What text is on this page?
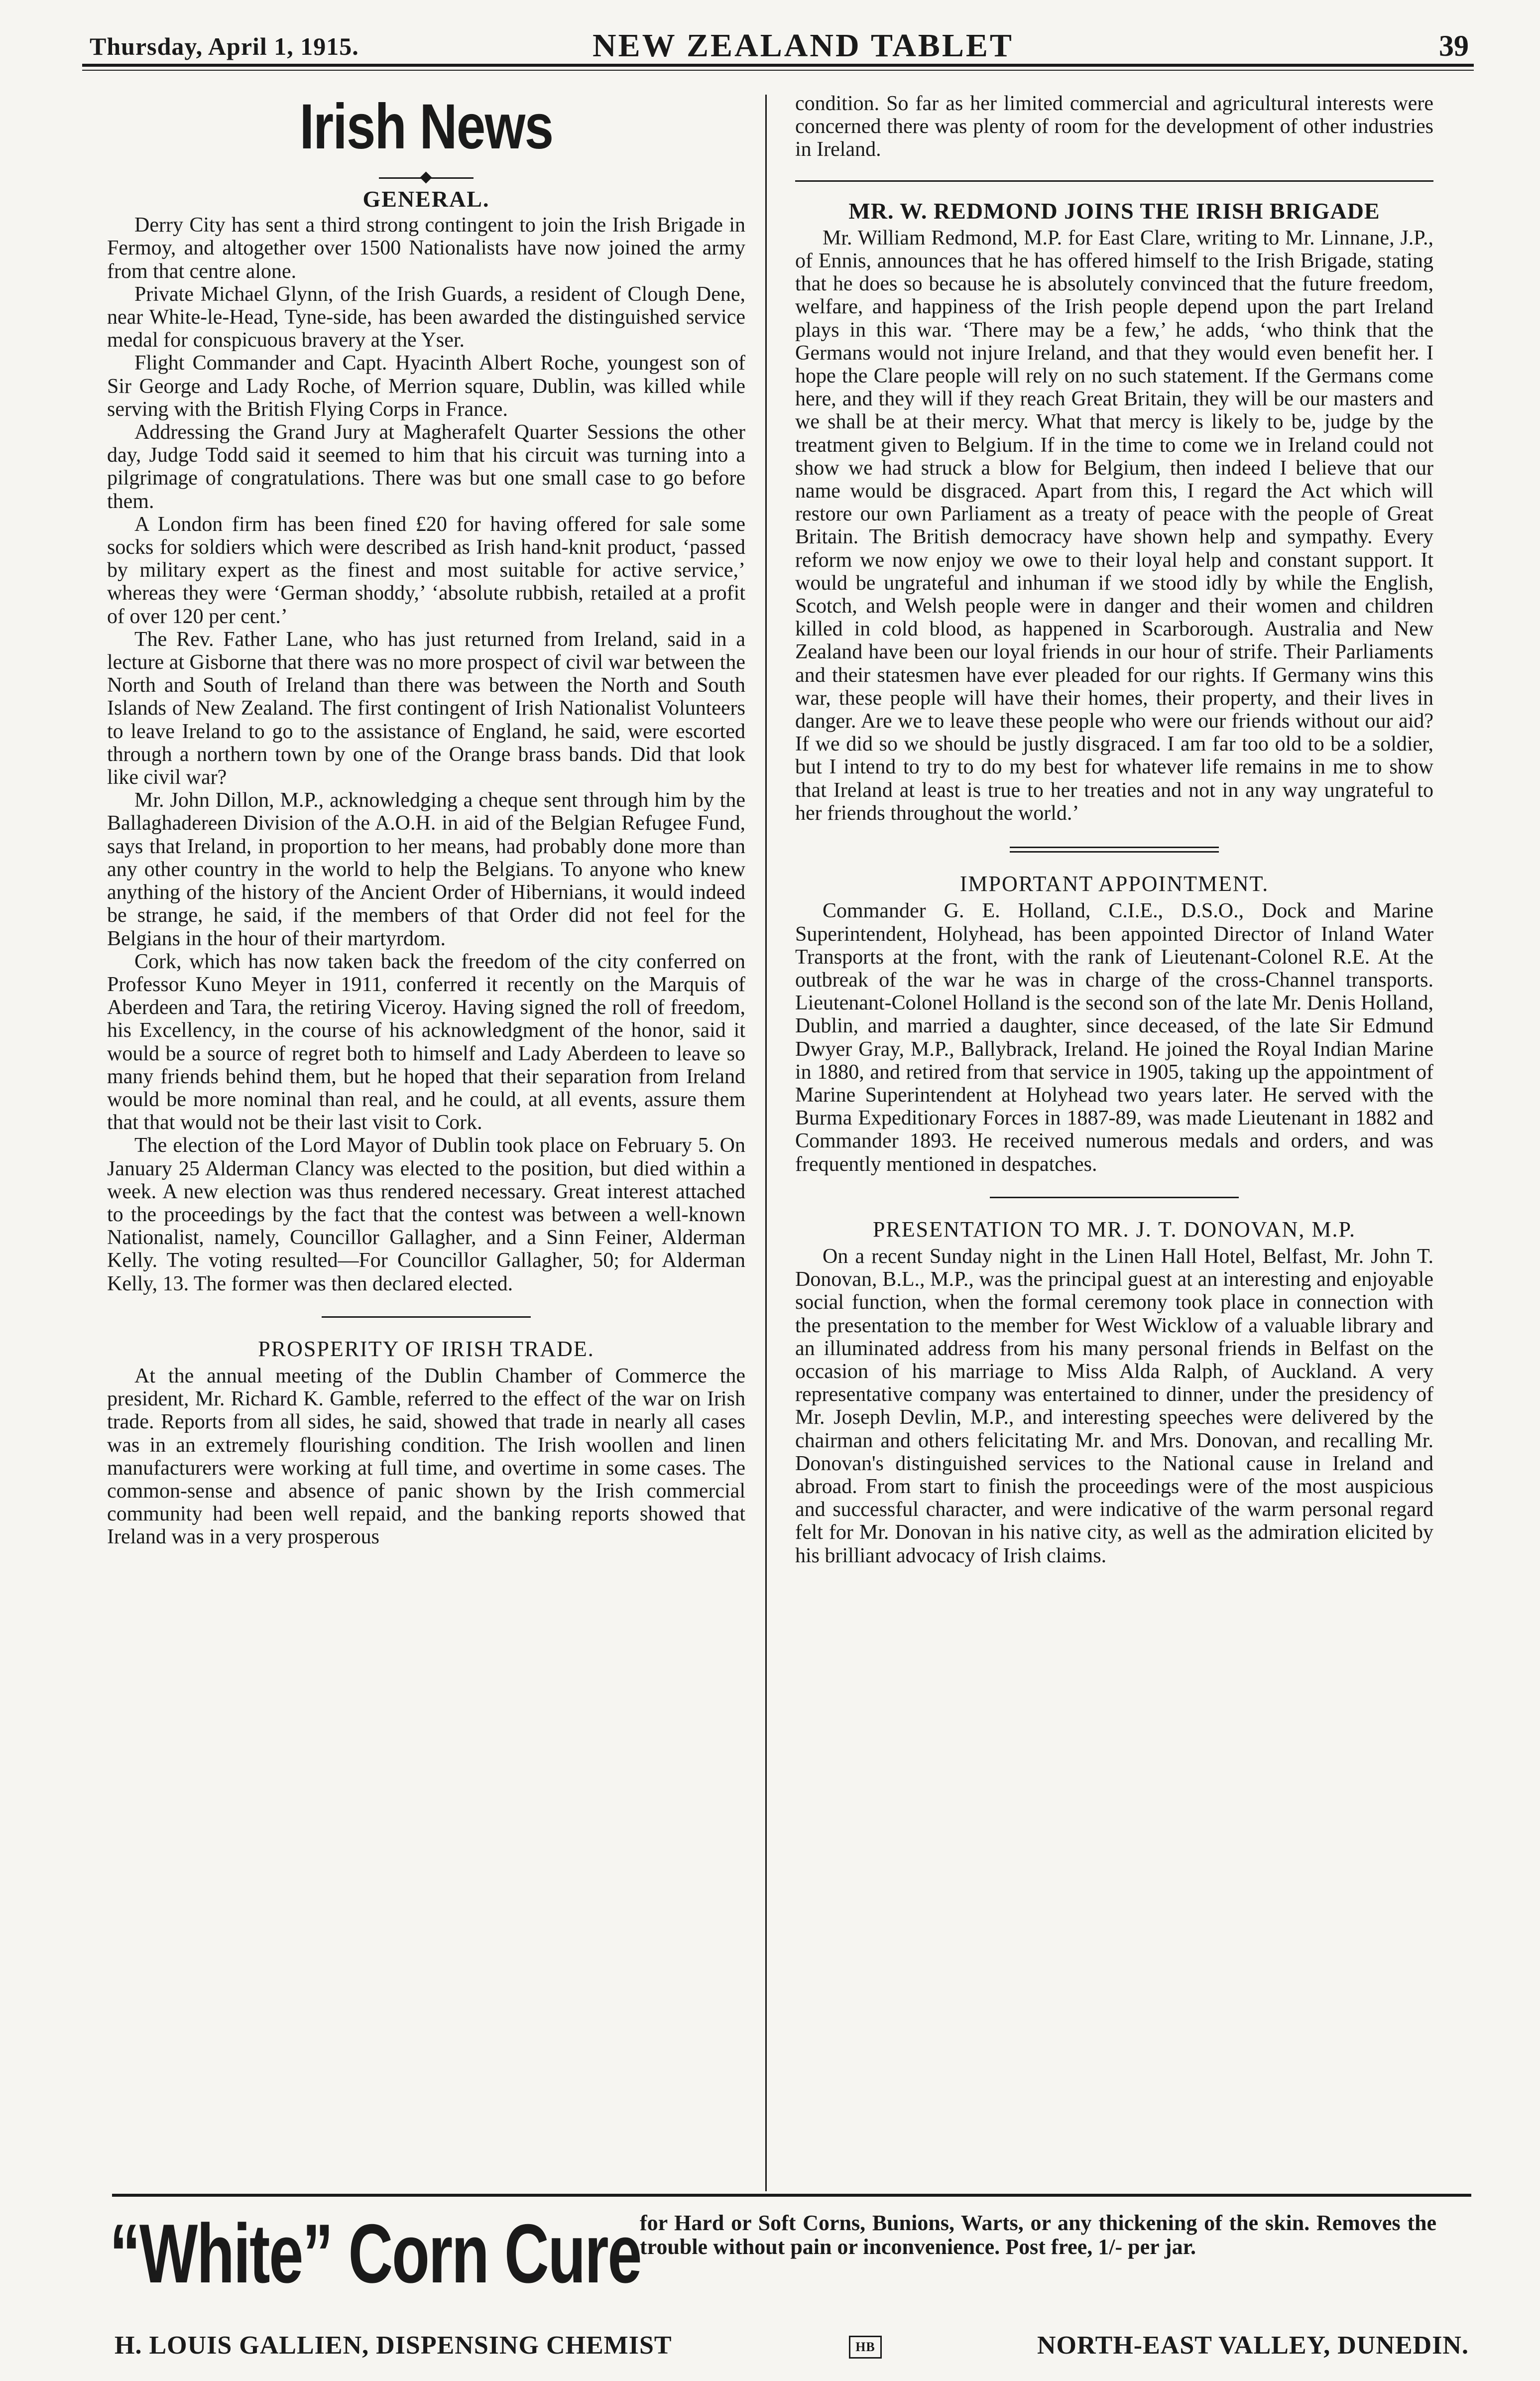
Thursday, April 1, 1915.	NEW ZEALAND TABLET	39
Irish News
GENERAL.

Derry City has sent a third strong contingent to join the Irish Brigade in Fermoy, and altogether over 1500 Nationalists have now joined the army from that centre alone.

Private Michael Glynn, of the Irish Guards, a resident of Clough Dene, near White-le-Head, Tyne-side, has been awarded the distinguished service medal for conspicuous bravery at the Yser.

Flight Commander and Capt. Hyacinth Albert Roche, youngest son of Sir George and Lady Roche, of Merrion square, Dublin, was killed while serving with the British Flying Corps in France.

Addressing the Grand Jury at Magherafelt Quarter Sessions the other day, Judge Todd said it seemed to him that his circuit was turning into a pilgrimage of congratulations. There was but one small case to go before them.

A London firm has been fined £20 for having offered for sale some socks for soldiers which were described as Irish hand-knit product, ‘passed by military expert as the finest and most suitable for active service,’ whereas they were ‘German shoddy,’ ‘absolute rubbish, retailed at a profit of over 120 per cent.’

The Rev. Father Lane, who has just returned from Ireland, said in a lecture at Gisborne that there was no more prospect of civil war between the North and South of Ireland than there was between the North and South Islands of New Zealand. The first contingent of Irish Nationalist Volunteers to leave Ireland to go to the assistance of England, he said, were escorted through a northern town by one of the Orange brass bands. Did that look like civil war?

Mr. John Dillon, M.P., acknowledging a cheque sent through him by the Ballaghadereen Division of the A.O.H. in aid of the Belgian Refugee Fund, says that Ireland, in proportion to her means, had probably done more than any other country in the world to help the Belgians. To anyone who knew anything of the history of the Ancient Order of Hibernians, it would indeed be strange, he said, if the members of that Order did not feel for the Belgians in the hour of their martyrdom.

Cork, which has now taken back the freedom of the city conferred on Professor Kuno Meyer in 1911, conferred it recently on the Marquis of Aberdeen and Tara, the retiring Viceroy. Having signed the roll of freedom, his Excellency, in the course of his acknowledgment of the honor, said it would be a source of regret both to himself and Lady Aberdeen to leave so many friends behind them, but he hoped that their separation from Ireland would be more nominal than real, and he could, at all events, assure them that that would not be their last visit to Cork.

The election of the Lord Mayor of Dublin took place on February 5. On January 25 Alderman Clancy was elected to the position, but died within a week. A new election was thus rendered necessary. Great interest attached to the proceedings by the fact that the contest was between a well-known Nationalist, namely, Councillor Gallagher, and a Sinn Feiner, Alderman Kelly. The voting resulted—For Councillor Gallagher, 50; for Alderman Kelly, 13. The former was then declared elected.

PROSPERITY OF IRISH TRADE.

At the annual meeting of the Dublin Chamber of Commerce the president, Mr. Richard K. Gamble, referred to the effect of the war on Irish trade. Reports from all sides, he said, showed that trade in nearly all cases was in an extremely flourishing condition. The Irish woollen and linen manufacturers were working at full time, and overtime in some cases. The common-sense and absence of panic shown by the Irish commercial community had been well repaid, and the banking reports showed that Ireland was in a very prosperous

condition. So far as her limited commercial and agricultural interests were concerned there was plenty of room for the development of other industries in Ireland.

MR. W. REDMOND JOINS THE IRISH BRIGADE

Mr. William Redmond, M.P. for East Clare, writing to Mr. Linnane, J.P., of Ennis, announces that he has offered himself to the Irish Brigade, stating that he does so because he is absolutely convinced that the future freedom, welfare, and happiness of the Irish people depend upon the part Ireland plays in this war. ‘There may be a few,’ he adds, ‘who think that the Germans would not injure Ireland, and that they would even benefit her. I hope the Clare people will rely on no such statement. If the Germans come here, and they will if they reach Great Britain, they will be our masters and we shall be at their mercy. What that mercy is likely to be, judge by the treatment given to Belgium. If in the time to come we in Ireland could not show we had struck a blow for Belgium, then indeed I believe that our name would be disgraced. Apart from this, I regard the Act which will restore our own Parliament as a treaty of peace with the people of Great Britain. The British democracy have shown help and sympathy. Every reform we now enjoy we owe to their loyal help and constant support. It would be ungrateful and inhuman if we stood idly by while the English, Scotch, and Welsh people were in danger and their women and children killed in cold blood, as happened in Scarborough. Australia and New Zealand have been our loyal friends in our hour of strife. Their Parliaments and their statesmen have ever pleaded for our rights. If Germany wins this war, these people will have their homes, their property, and their lives in danger. Are we to leave these people who were our friends without our aid? If we did so we should be justly disgraced. I am far too old to be a soldier, but I intend to try to do my best for whatever life remains in me to show that Ireland at least is true to her treaties and not in any way ungrateful to her friends throughout the world.’

IMPORTANT APPOINTMENT.

Commander G. E. Holland, C.I.E., D.S.O., Dock and Marine Superintendent, Holyhead, has been appointed Director of Inland Water Transports at the front, with the rank of Lieutenant-Colonel R.E. At the outbreak of the war he was in charge of the cross-Channel transports. Lieutenant-Colonel Holland is the second son of the late Mr. Denis Holland, Dublin, and married a daughter, since deceased, of the late Sir Edmund Dwyer Gray, M.P., Ballybrack, Ireland. He joined the Royal Indian Marine in 1880, and retired from that service in 1905, taking up the appointment of Marine Superintendent at Holyhead two years later. He served with the Burma Expeditionary Forces in 1887-89, was made Lieutenant in 1882 and Commander 1893. He received numerous medals and orders, and was frequently mentioned in despatches.

PRESENTATION TO MR. J. T. DONOVAN, M.P.

On a recent Sunday night in the Linen Hall Hotel, Belfast, Mr. John T. Donovan, B.L., M.P., was the principal guest at an interesting and enjoyable social function, when the formal ceremony took place in connection with the presentation to the member for West Wicklow of a valuable library and an illuminated address from his many personal friends in Belfast on the occasion of his marriage to Miss Alda Ralph, of Auckland. A very representative company was entertained to dinner, under the presidency of Mr. Joseph Devlin, M.P., and interesting speeches were delivered by the chairman and others felicitating Mr. and Mrs. Donovan, and recalling Mr. Donovan's distinguished services to the National cause in Ireland and abroad. From start to finish the proceedings were of the most auspicious and successful character, and were indicative of the warm personal regard felt for Mr. Donovan in his native city, as well as the admiration elicited by his brilliant advocacy of Irish claims.

“White” Corn Cure
for Hard or Soft Corns, Bunions, Warts, or any thickening of the skin. Removes the trouble without pain or inconvenience. Post free, 1/- per jar.
H. LOUIS GALLIEN, DISPENSING CHEMIST	HB	NORTH-EAST VALLEY, DUNEDIN.
